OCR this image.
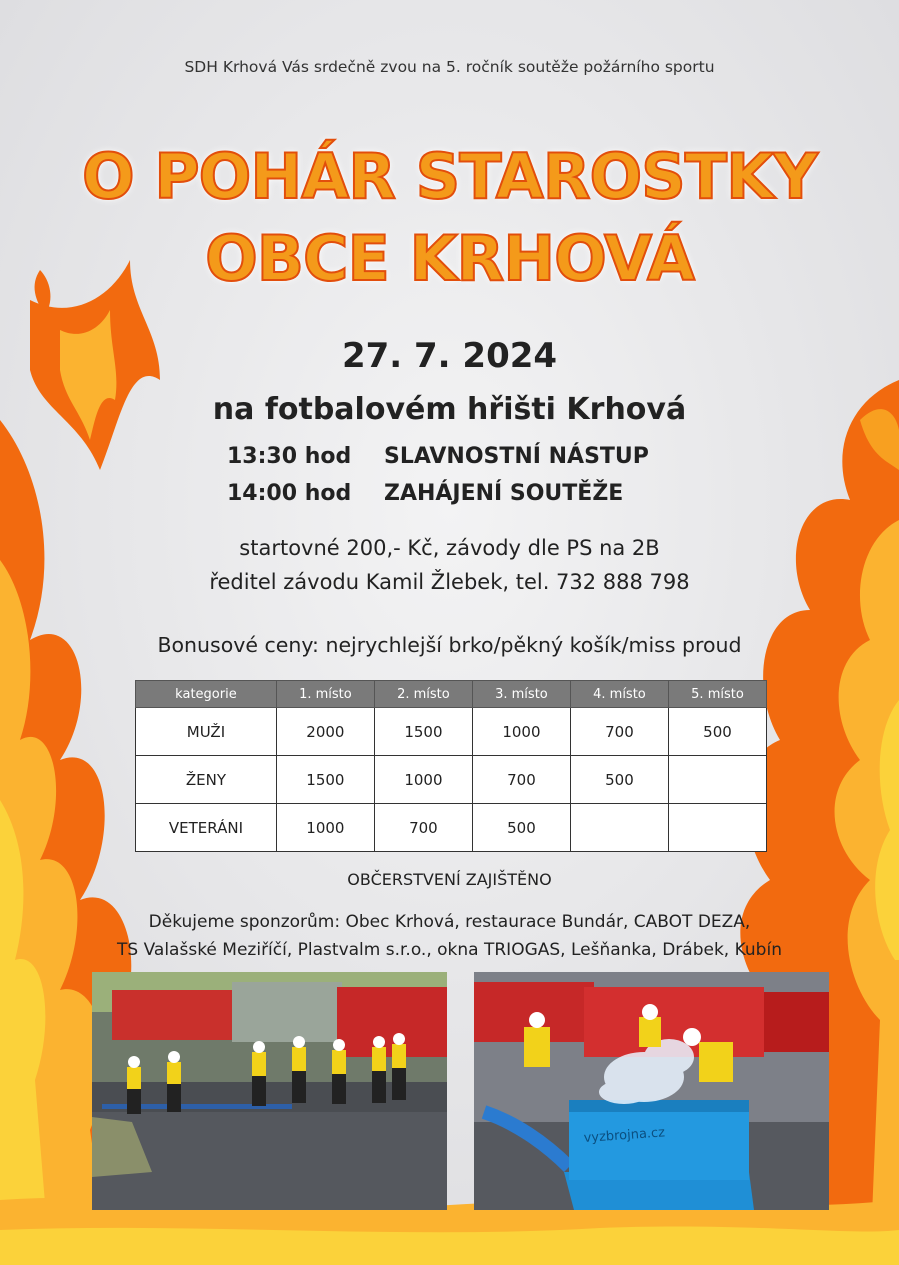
SDH Krhová Vás srdečně zvou na 5. ročník soutěže požárního sportu
O POHÁR STAROSTKY
OBCE KRHOVÁ
27. 7. 2024
na fotbalovém hřišti Krhová
13:30 hod SLAVNOSTNÍ NÁSTUP
14:00 hod ZAHÁJENÍ SOUTĚŽE
startovné 200,- Kč, závody dle PS na 2B
ředitel závodu Kamil Žlebek, tel. 732 888 798
Bonusové ceny: nejrychlejší brko/pěkný košík/miss proud
kategorie	1. místo	2. místo	3. místo	4. místo	5. místo
MUŽI	2000	1500	1000	700	500
ŽENY	1500	1000	700	500	
VETERÁNI	1000	700	500		
OBČERSTVENÍ ZAJIŠTĚNO
Děkujeme sponzorům: Obec Krhová, restaurace Bundár, CABOT DEZA,
TS Valašské Meziříčí, Plastvalm s.r.o., okna TRIOGAS, Lešňanka, Drábek, Kubín
vyzbrojna.cz
